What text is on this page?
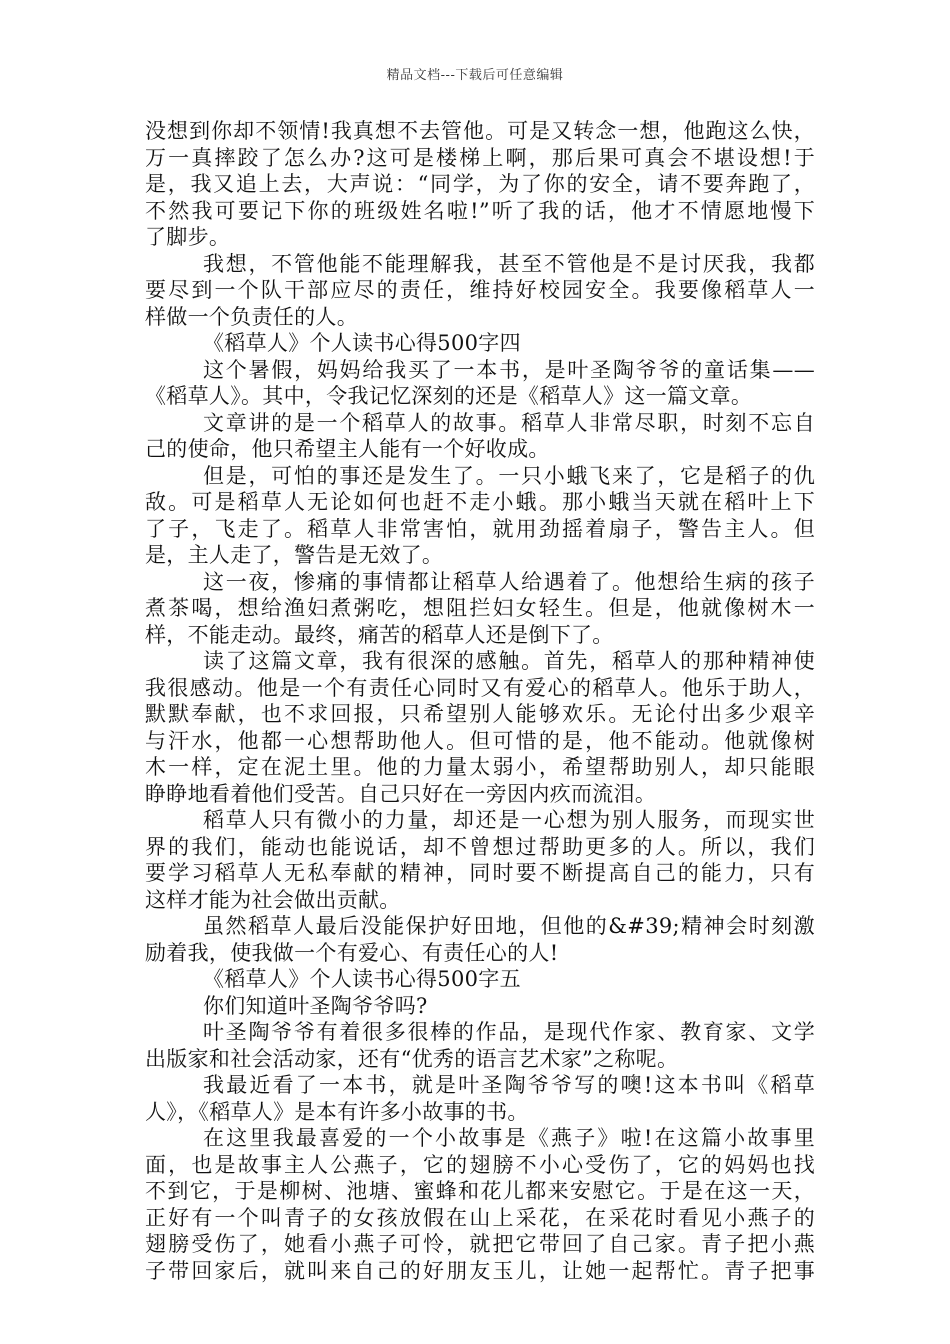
精品文档---下载后可任意编辑
没想到你却不领情!我真想不去管他。可是又转念一想，他跑这么快，
万一真摔跤了怎么办?这可是楼梯上啊，那后果可真会不堪设想!于
是，我又追上去，大声说：“同学，为了你的安全，请不要奔跑了，
不然我可要记下你的班级姓名啦!”听了我的话，他才不情愿地慢下
了脚步。
我想，不管他能不能理解我，甚至不管他是不是讨厌我，我都
要尽到一个队干部应尽的责任，维持好校园安全。我要像稻草人一
样做一个负责任的人。
《稻草人》个人读书心得500字四
这个暑假，妈妈给我买了一本书，是叶圣陶爷爷的童话集——
《稻草人》。其中，令我记忆深刻的还是《稻草人》这一篇文章。
文章讲的是一个稻草人的故事。稻草人非常尽职，时刻不忘自
己的使命，他只希望主人能有一个好收成。
但是，可怕的事还是发生了。一只小蛾飞来了，它是稻子的仇
敌。可是稻草人无论如何也赶不走小蛾。那小蛾当天就在稻叶上下
了子，飞走了。稻草人非常害怕，就用劲摇着扇子，警告主人。但
是，主人走了，警告是无效了。
这一夜，惨痛的事情都让稻草人给遇着了。他想给生病的孩子
煮茶喝，想给渔妇煮粥吃，想阻拦妇女轻生。但是，他就像树木一
样，不能走动。最终，痛苦的稻草人还是倒下了。
读了这篇文章，我有很深的感触。首先，稻草人的那种精神使
我很感动。他是一个有责任心同时又有爱心的稻草人。他乐于助人，
默默奉献，也不求回报，只希望别人能够欢乐。无论付出多少艰辛
与汗水，他都一心想帮助他人。但可惜的是，他不能动。他就像树
木一样，定在泥土里。他的力量太弱小，希望帮助别人，却只能眼
睁睁地看着他们受苦。自己只好在一旁因内疚而流泪。
稻草人只有微小的力量，却还是一心想为别人服务，而现实世
界的我们，能动也能说话，却不曾想过帮助更多的人。所以，我们
要学习稻草人无私奉献的精神，同时要不断提高自己的能力，只有
这样才能为社会做出贡献。
虽然稻草人最后没能保护好田地，但他的&#39;精神会时刻激
励着我，使我做一个有爱心、有责任心的人!
《稻草人》个人读书心得500字五
你们知道叶圣陶爷爷吗?
叶圣陶爷爷有着很多很棒的作品，是现代作家、教育家、文学
出版家和社会活动家，还有“优秀的语言艺术家”之称呢。
我最近看了一本书，就是叶圣陶爷爷写的噢!这本书叫《稻草
人》，《稻草人》是本有许多小故事的书。
在这里我最喜爱的一个小故事是《燕子》啦!在这篇小故事里
面，也是故事主人公燕子，它的翅膀不小心受伤了，它的妈妈也找
不到它，于是柳树、池塘、蜜蜂和花儿都来安慰它。于是在这一天，
正好有一个叫青子的女孩放假在山上采花，在采花时看见小燕子的
翅膀受伤了，她看小燕子可怜，就把它带回了自己家。青子把小燕
子带回家后，就叫来自己的好朋友玉儿，让她一起帮忙。青子把事
